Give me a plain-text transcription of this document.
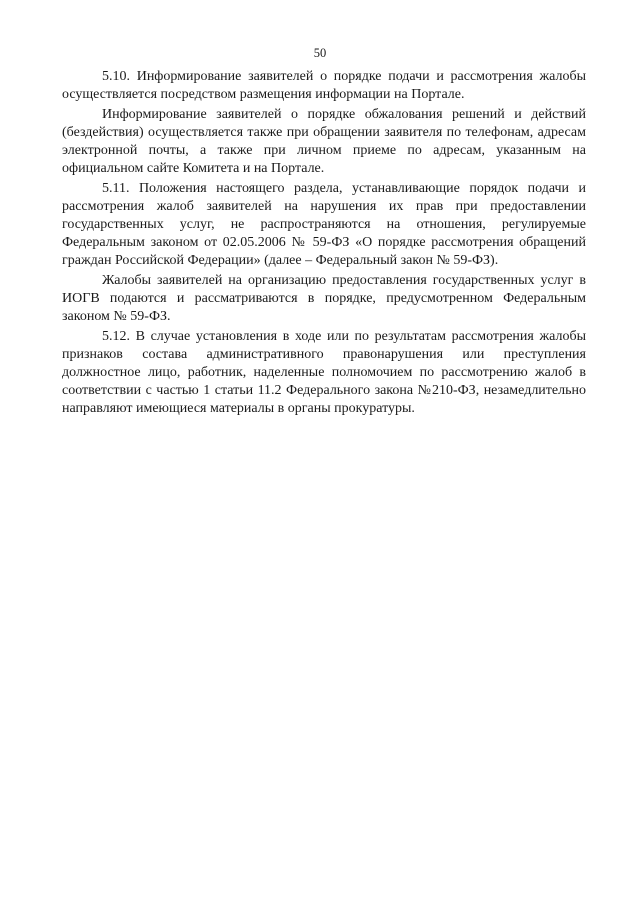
50

5.10. Информирование заявителей о порядке подачи и рассмотрения жалобы осуществляется посредством размещения информации на Портале.

Информирование заявителей о порядке обжалования решений и действий (бездействия) осуществляется также при обращении заявителя по телефонам, адресам электронной почты, а также при личном приеме по адресам, указанным на официальном сайте Комитета и на Портале.

5.11. Положения настоящего раздела, устанавливающие порядок подачи и рассмотрения жалоб заявителей на нарушения их прав при предоставлении государственных услуг, не распространяются на отношения, регулируемые Федеральным законом от 02.05.2006 № 59-ФЗ «О порядке рассмотрения обращений граждан Российской Федерации» (далее – Федеральный закон № 59-ФЗ).

Жалобы заявителей на организацию предоставления государственных услуг в ИОГВ подаются и рассматриваются в порядке, предусмотренном Федеральным законом № 59-ФЗ.

5.12. В случае установления в ходе или по результатам рассмотрения жалобы признаков состава административного правонарушения или преступления должностное лицо, работник, наделенные полномочием по рассмотрению жалоб в соответствии с частью 1 статьи 11.2 Федерального закона №210-ФЗ, незамедлительно направляют имеющиеся материалы в органы прокуратуры.
